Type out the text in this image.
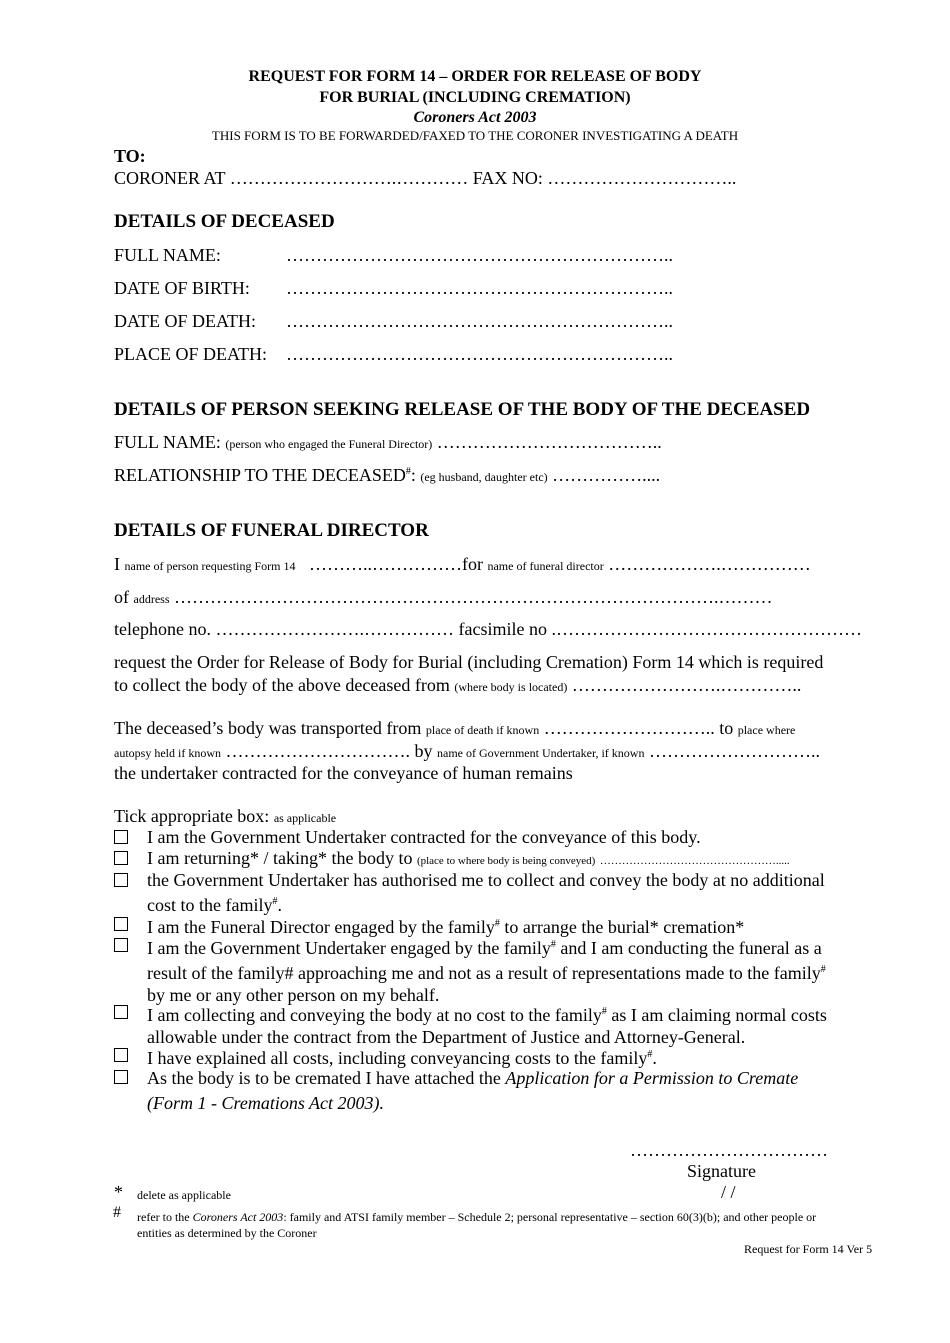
REQUEST FOR FORM 14 – ORDER FOR RELEASE OF BODY
FOR BURIAL (INCLUDING CREMATION)
Coroners Act 2003
THIS FORM IS TO BE FORWARDED/FAXED TO THE CORONER INVESTIGATING A DEATH
TO:
CORONER AT ……………………….………… FAX NO: …………………………..
DETAILS OF DECEASED
FULL NAME:	………………………………………………………..
DATE OF BIRTH: ………………………………………………………..
DATE OF DEATH: ………………………………………………………..
PLACE OF DEATH: ………………………………………………………..
DETAILS OF PERSON SEEKING RELEASE OF THE BODY OF THE DECEASED
FULL NAME: (person who engaged the Funeral Director) ………………………………..
RELATIONSHIP TO THE DECEASED#: (eg husband, daughter etc) ……………....
DETAILS OF FUNERAL DIRECTOR
I name of person requesting Form 14 ………..……………for name of funeral director ……………….……………
of address ……………………………………………………………………………….………
telephone no. …………………….…………… facsimile no .……………………………………………
request the Order for Release of Body for Burial (including Cremation) Form 14 which is required
to collect the body of the above deceased from (where body is located) …………………….…………..
The deceased’s body was transported from place of death if known ……………………….. to place where
autopsy held if known …………………………. by name of Government Undertaker, if known ………………………..
the undertaker contracted for the conveyance of human remains
Tick appropriate box: as applicable
I am the Government Undertaker contracted for the conveyance of this body.
I am returning* / taking* the body to (place to where body is being conveyed) ………………………………………….....
the Government Undertaker has authorised me to collect and convey the body at no additional
cost to the family#.
I am the Funeral Director engaged by the family# to arrange the burial* cremation*
I am the Government Undertaker engaged by the family# and I am conducting the funeral as a
result of the family# approaching me and not as a result of representations made to the family#
by me or any other person on my behalf.
I am collecting and conveying the body at no cost to the family# as I am claiming normal costs
allowable under the contract from the Department of Justice and Attorney-General.
I have explained all costs, including conveyancing costs to the family#.
As the body is to be cremated I have attached the Application for a Permission to Cremate
(Form 1 - Cremations Act 2003).
……………………………
Signature
/ /
* delete as applicable
# refer to the Coroners Act 2003: family and ATSI family member – Schedule 2; personal representative – section 60(3)(b); and other people or
entities as determined by the Coroner
Request for Form 14 Ver 5
